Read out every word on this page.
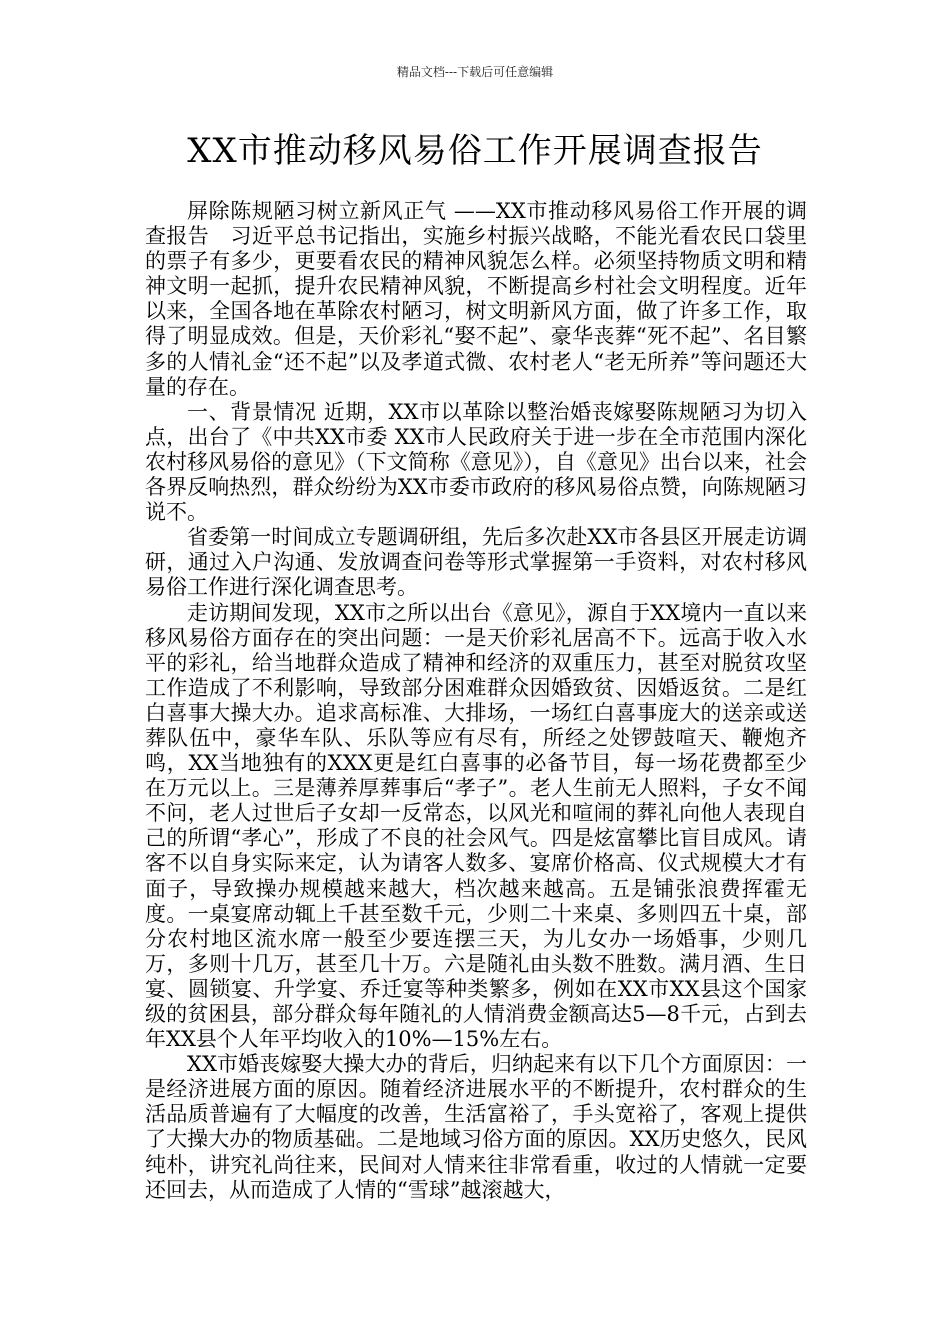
精品文档---下载后可任意编辑
XX市推动移风易俗工作开展调查报告

屏除陈规陋习树立新风正气 ——XX市推动移风易俗工作开展的调查报告　习近平总书记指出，实施乡村振兴战略，不能光看农民口袋里的票子有多少，更要看农民的精神风貌怎么样。必须坚持物质文明和精神文明一起抓，提升农民精神风貌，不断提高乡村社会文明程度。近年以来，全国各地在革除农村陋习，树文明新风方面，做了许多工作，取得了明显成效。但是，天价彩礼“娶不起”、豪华丧葬“死不起”、名目繁多的人情礼金“还不起”以及孝道式微、农村老人“老无所养”等问题还大量的存在。

一、背景情况 近期，XX市以革除以整治婚丧嫁娶陈规陋习为切入点，出台了《中共XX市委 XX市人民政府关于进一步在全市范围内深化农村移风易俗的意见》（下文简称《意见》），自《意见》出台以来，社会各界反响热烈，群众纷纷为XX市委市政府的移风易俗点赞，向陈规陋习说不。

省委第一时间成立专题调研组，先后多次赴XX市各县区开展走访调研，通过入户沟通、发放调查问卷等形式掌握第一手资料，对农村移风易俗工作进行深化调查思考。

走访期间发现，XX市之所以出台《意见》，源自于XX境内一直以来移风易俗方面存在的突出问题：一是天价彩礼居高不下。远高于收入水平的彩礼，给当地群众造成了精神和经济的双重压力，甚至对脱贫攻坚工作造成了不利影响，导致部分困难群众因婚致贫、因婚返贫。二是红白喜事大操大办。追求高标准、大排场，一场红白喜事庞大的送亲或送葬队伍中，豪华车队、乐队等应有尽有，所经之处锣鼓喧天、鞭炮齐鸣，XX当地独有的XXX更是红白喜事的必备节目，每一场花费都至少在万元以上。三是薄养厚葬事后“孝子”。老人生前无人照料，子女不闻不问，老人过世后子女却一反常态，以风光和喧闹的葬礼向他人表现自己的所谓“孝心”，形成了不良的社会风气。四是炫富攀比盲目成风。请客不以自身实际来定，认为请客人数多、宴席价格高、仪式规模大才有面子，导致操办规模越来越大，档次越来越高。五是铺张浪费挥霍无度。一桌宴席动辄上千甚至数千元，少则二十来桌、多则四五十桌，部分农村地区流水席一般至少要连摆三天，为儿女办一场婚事，少则几万，多则十几万，甚至几十万。六是随礼由头数不胜数。满月酒、生日宴、圆锁宴、升学宴、乔迁宴等种类繁多，例如在XX市XX县这个国家级的贫困县，部分群众每年随礼的人情消费金额高达5—8千元，占到去年XX县个人年平均收入的10%—15%左右。

XX市婚丧嫁娶大操大办的背后，归纳起来有以下几个方面原因：一是经济进展方面的原因。随着经济进展水平的不断提升，农村群众的生活品质普遍有了大幅度的改善，生活富裕了，手头宽裕了，客观上提供了大操大办的物质基础。二是地域习俗方面的原因。XX历史悠久，民风纯朴，讲究礼尚往来，民间对人情来往非常看重，收过的人情就一定要还回去，从而造成了人情的“雪球”越滚越大，
